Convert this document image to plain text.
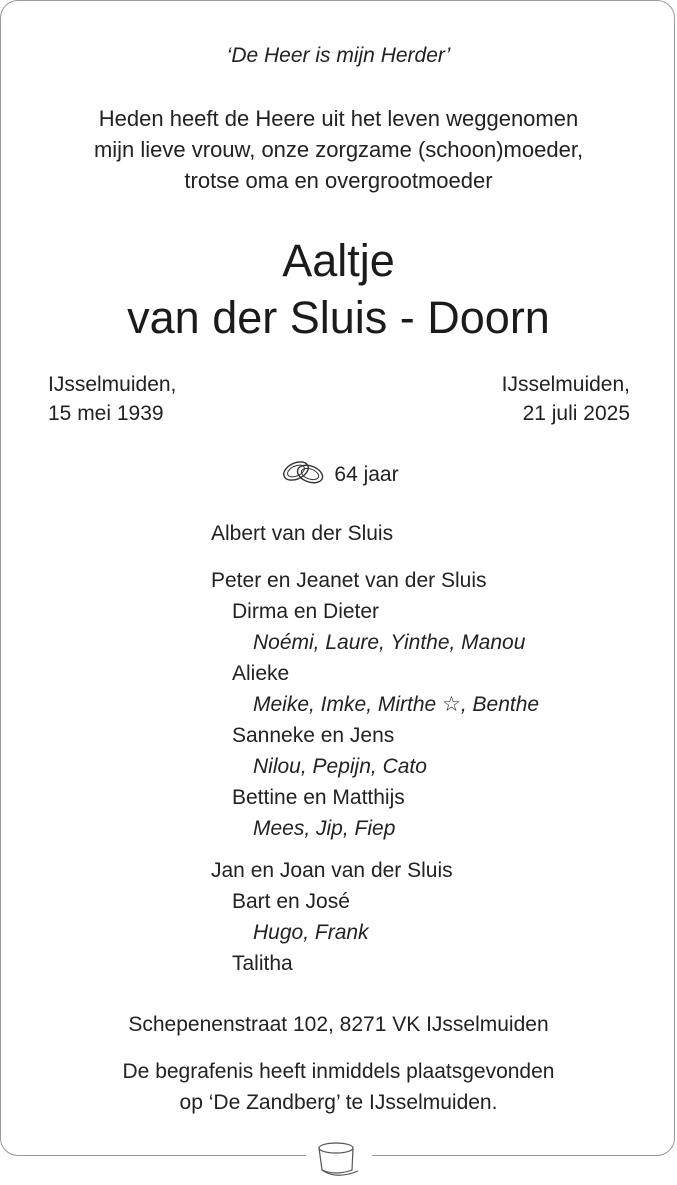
‘De Heer is mijn Herder’
Heden heeft de Heere uit het leven weggenomen
mijn lieve vrouw, onze zorgzame (schoon)moeder,
trotse oma en overgrootmoeder
Aaltje
van der Sluis - Doorn
IJsselmuiden,
15 mei 1939
IJsselmuiden,
21 juli 2025
64 jaar
Albert van der Sluis
Peter en Jeanet van der Sluis
Dirma en Dieter
Noémi, Laure, Yinthe, Manou
Alieke
Meike, Imke, Mirthe ☆, Benthe
Sanneke en Jens
Nilou, Pepijn, Cato
Bettine en Matthijs
Mees, Jip, Fiep
Jan en Joan van der Sluis
Bart en José
Hugo, Frank
Talitha
Schepenenstraat 102, 8271 VK IJsselmuiden
De begrafenis heeft inmiddels plaatsgevonden
op ‘De Zandberg’ te IJsselmuiden.
